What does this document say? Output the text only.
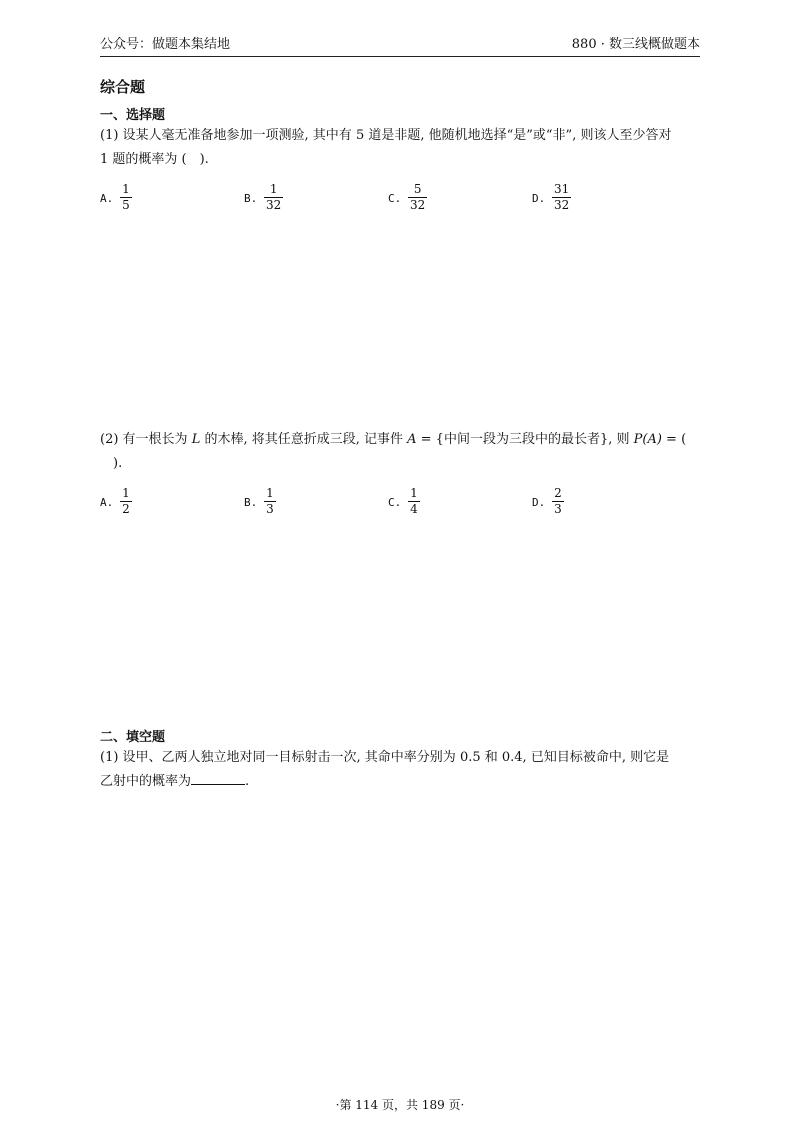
公众号：做题本集结地	880 · 数三线概做题本
综合题
一、选择题
(1) 设某人毫无准备地参加一项测验, 其中有 5 道是非题, 他随机地选择“是”或“非”, 则该人至少答对
1 题的概率为 (　).
A.
1
5	B.
1
32	C.
5
32	D.
31
32
(2) 有一根长为 L 的木棒, 将其任意折成三段, 记事件 A = {中间一段为三段中的最长者}, 则 P(A) = (
　).
A.
1
2	B.
1
3	C.
1
4	D.
2
3
二、填空题
(1) 设甲、乙两人独立地对同一目标射击一次, 其命中率分别为 0.5 和 0.4, 已知目标被命中, 则它是
乙射中的概率为	.
·第 114 页，共 189 页·
